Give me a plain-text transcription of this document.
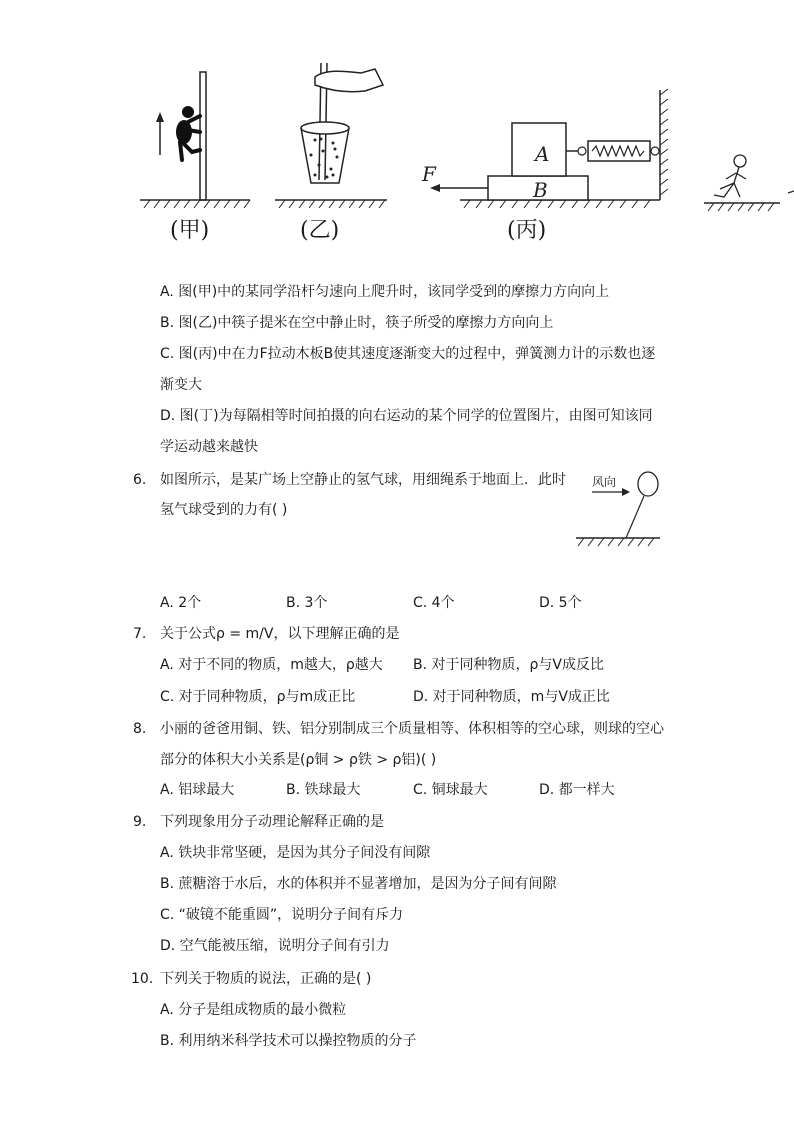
(甲)	(乙)
F
A
B
(丙)
A. 图(甲)中的某同学沿杆匀速向上爬升时，该同学受到的摩擦力方向向上
B. 图(乙)中筷子提米在空中静止时，筷子所受的摩擦力方向向上
C. 图(丙)中在力F拉动木板B使其速度逐渐变大的过程中，弹簧测力计的示数也逐
渐变大
D. 图(丁)为每隔相等时间拍摄的向右运动的某个同学的位置图片，由图可知该同
学运动越来越快
6. 如图所示，是某广场上空静止的氢气球，用细绳系于地面上．此时
氢气球受到的力有( )
风向
A. 2个	B. 3个	C. 4个	D. 5个
7. 关于公式ρ = m/V，以下理解正确的是
A. 对于不同的物质，m越大，ρ越大 B. 对于同种物质，ρ与V成反比
C. 对于同种物质，ρ与m成正比	D. 对于同种物质，m与V成正比
8. 小丽的爸爸用铜、铁、铝分别制成三个质量相等、体积相等的空心球，则球的空心
部分的体积大小关系是(ρ铜 > ρ铁 > ρ铝)( )
A. 铝球最大	B. 铁球最大	C. 铜球最大	D. 都一样大
9. 下列现象用分子动理论解释正确的是
A. 铁块非常坚硬，是因为其分子间没有间隙
B. 蔗糖溶于水后，水的体积并不显著增加，是因为分子间有间隙
C. “破镜不能重圆”，说明分子间有斥力
D. 空气能被压缩，说明分子间有引力
10. 下列关于物质的说法，正确的是( )
A. 分子是组成物质的最小微粒
B. 利用纳米科学技术可以操控物质的分子
